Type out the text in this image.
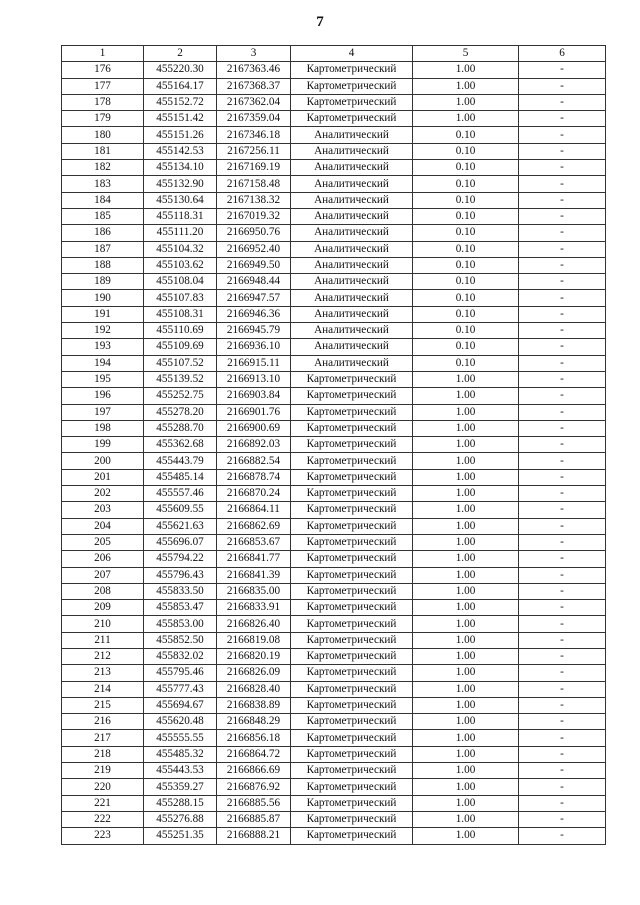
7
1	2	3	4	5	6
176	455220.30	2167363.46	Картометрический	1.00	-
177	455164.17	2167368.37	Картометрический	1.00	-
178	455152.72	2167362.04	Картометрический	1.00	-
179	455151.42	2167359.04	Картометрический	1.00	-
180	455151.26	2167346.18	Аналитический	0.10	-
181	455142.53	2167256.11	Аналитический	0.10	-
182	455134.10	2167169.19	Аналитический	0.10	-
183	455132.90	2167158.48	Аналитический	0.10	-
184	455130.64	2167138.32	Аналитический	0.10	-
185	455118.31	2167019.32	Аналитический	0.10	-
186	455111.20	2166950.76	Аналитический	0.10	-
187	455104.32	2166952.40	Аналитический	0.10	-
188	455103.62	2166949.50	Аналитический	0.10	-
189	455108.04	2166948.44	Аналитический	0.10	-
190	455107.83	2166947.57	Аналитический	0.10	-
191	455108.31	2166946.36	Аналитический	0.10	-
192	455110.69	2166945.79	Аналитический	0.10	-
193	455109.69	2166936.10	Аналитический	0.10	-
194	455107.52	2166915.11	Аналитический	0.10	-
195	455139.52	2166913.10	Картометрический	1.00	-
196	455252.75	2166903.84	Картометрический	1.00	-
197	455278.20	2166901.76	Картометрический	1.00	-
198	455288.70	2166900.69	Картометрический	1.00	-
199	455362.68	2166892.03	Картометрический	1.00	-
200	455443.79	2166882.54	Картометрический	1.00	-
201	455485.14	2166878.74	Картометрический	1.00	-
202	455557.46	2166870.24	Картометрический	1.00	-
203	455609.55	2166864.11	Картометрический	1.00	-
204	455621.63	2166862.69	Картометрический	1.00	-
205	455696.07	2166853.67	Картометрический	1.00	-
206	455794.22	2166841.77	Картометрический	1.00	-
207	455796.43	2166841.39	Картометрический	1.00	-
208	455833.50	2166835.00	Картометрический	1.00	-
209	455853.47	2166833.91	Картометрический	1.00	-
210	455853.00	2166826.40	Картометрический	1.00	-
211	455852.50	2166819.08	Картометрический	1.00	-
212	455832.02	2166820.19	Картометрический	1.00	-
213	455795.46	2166826.09	Картометрический	1.00	-
214	455777.43	2166828.40	Картометрический	1.00	-
215	455694.67	2166838.89	Картометрический	1.00	-
216	455620.48	2166848.29	Картометрический	1.00	-
217	455555.55	2166856.18	Картометрический	1.00	-
218	455485.32	2166864.72	Картометрический	1.00	-
219	455443.53	2166866.69	Картометрический	1.00	-
220	455359.27	2166876.92	Картометрический	1.00	-
221	455288.15	2166885.56	Картометрический	1.00	-
222	455276.88	2166885.87	Картометрический	1.00	-
223	455251.35	2166888.21	Картометрический	1.00	-
